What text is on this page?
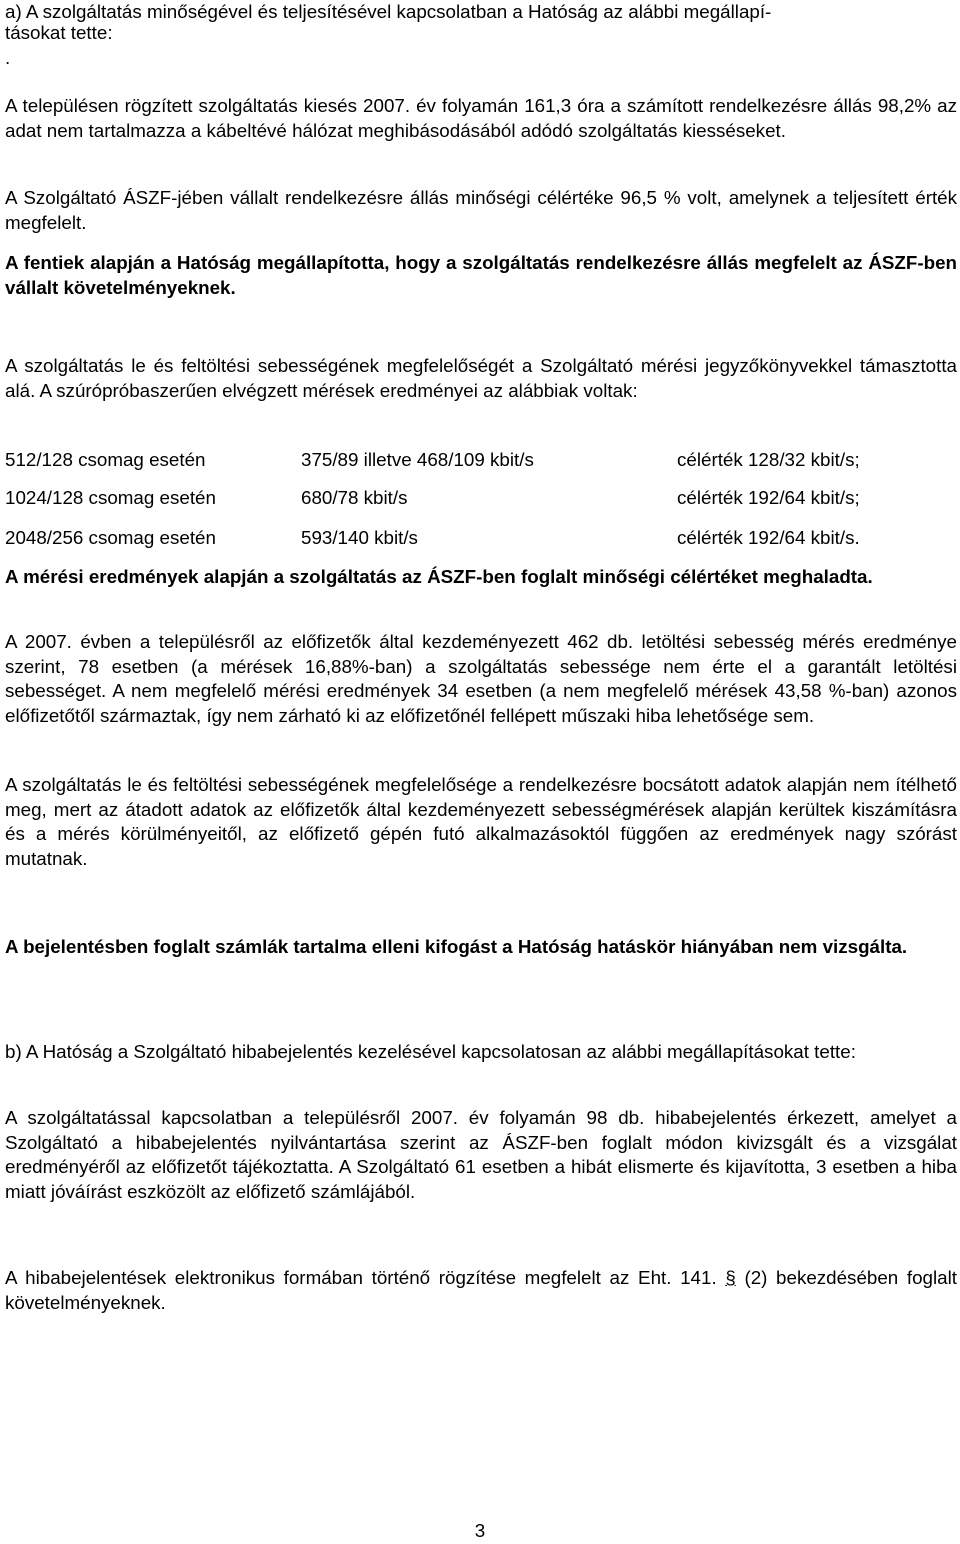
a) A szolgáltatás minőségével és teljesítésével kapcsolatban a Hatóság az alábbi megállapí-

tásokat tette:

.

A településen rögzített szolgáltatás kiesés 2007. év folyamán 161,3 óra a számított rendelkezésre állás 98,2% az adat nem tartalmazza a kábeltévé hálózat meghibásodásából adódó szolgáltatás kiesséseket.

A Szolgáltató ÁSZF-jében vállalt rendelkezésre állás minőségi célértéke 96,5 % volt, amelynek a teljesített érték megfelelt.

A fentiek alapján a Hatóság megállapította, hogy a szolgáltatás rendelkezésre állás megfelelt az ÁSZF-ben vállalt követelményeknek.

A szolgáltatás le és feltöltési sebességének megfelelőségét a Szolgáltató mérési jegyzőkönyvekkel támasztotta alá. A szúrópróbaszerűen elvégzett mérések eredményei az alábbiak voltak:

512/128 csomag esetén	375/89 illetve 468/109 kbit/s	célérték 128/32 kbit/s;
1024/128 csomag esetén	680/78 kbit/s	célérték 192/64 kbit/s;
2048/256 csomag esetén	593/140 kbit/s	célérték 192/64 kbit/s.

A mérési eredmények alapján a szolgáltatás az ÁSZF-ben foglalt minőségi célértéket meghaladta.

A 2007. évben a településről az előfizetők által kezdeményezett 462 db. letöltési sebesség mérés eredménye szerint, 78 esetben (a mérések 16,88%-ban) a szolgáltatás sebessége nem érte el a garantált letöltési sebességet. A nem megfelelő mérési eredmények 34 esetben (a nem megfelelő mérések 43,58 %-ban) azonos előfizetőtől származtak, így nem zárható ki az előfizetőnél fellépett műszaki hiba lehetősége sem.

A szolgáltatás le és feltöltési sebességének megfelelősége a rendelkezésre bocsátott adatok alapján nem ítélhető meg, mert az átadott adatok az előfizetők által kezdeményezett sebességmérések alapján kerültek kiszámításra és a mérés körülményeitől, az előfizető gépén futó alkalmazásoktól függően az eredmények nagy szórást mutatnak.

A bejelentésben foglalt számlák tartalma elleni kifogást a Hatóság hatáskör hiányában nem vizsgálta.

b) A Hatóság a Szolgáltató hibabejelentés kezelésével kapcsolatosan az alábbi megállapításokat tette:

A szolgáltatással kapcsolatban a településről 2007. év folyamán 98 db. hibabejelentés érkezett, amelyet a Szolgáltató a hibabejelentés nyilvántartása szerint az ÁSZF-ben foglalt módon kivizsgált és a vizsgálat eredményéről az előfizetőt tájékoztatta. A Szolgáltató 61 esetben a hibát elismerte és kijavította, 3 esetben a hiba miatt jóváírást eszközölt az előfizető számlájából.

A hibabejelentések elektronikus formában történő rögzítése megfelelt az Eht. 141. § (2) bekezdésében foglalt követelményeknek.

3
